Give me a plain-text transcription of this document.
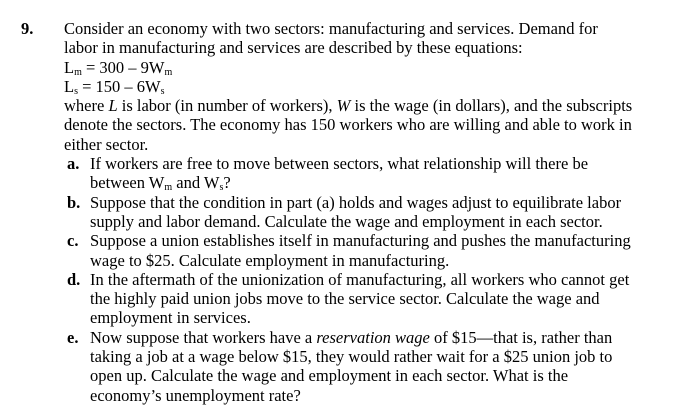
9. Consider an economy with two sectors: manufacturing and services. Demand for
labor in manufacturing and services are described by these equations:
$L_m = 300 - 9W_m$
$L_s = 150 - 6W_s$
where L is labor (in number of workers), W is the wage (in dollars), and the subscripts
denote the sectors. The economy has 150 workers who are willing and able to work in
either sector.
a. If workers are free to move between sectors, what relationship will there be
between $W_m$ and $W_s$?
b. Suppose that the condition in part (a) holds and wages adjust to equilibrate labor
supply and labor demand. Calculate the wage and employment in each sector.
c. Suppose a union establishes itself in manufacturing and pushes the manufacturing
wage to $25. Calculate employment in manufacturing.
d. In the aftermath of the unionization of manufacturing, all workers who cannot get
the highly paid union jobs move to the service sector. Calculate the wage and
employment in services.
e. Now suppose that workers have a reservation wage of $15—that is, rather than
taking a job at a wage below $15, they would rather wait for a $25 union job to
open up. Calculate the wage and employment in each sector. What is the
economy’s unemployment rate?
